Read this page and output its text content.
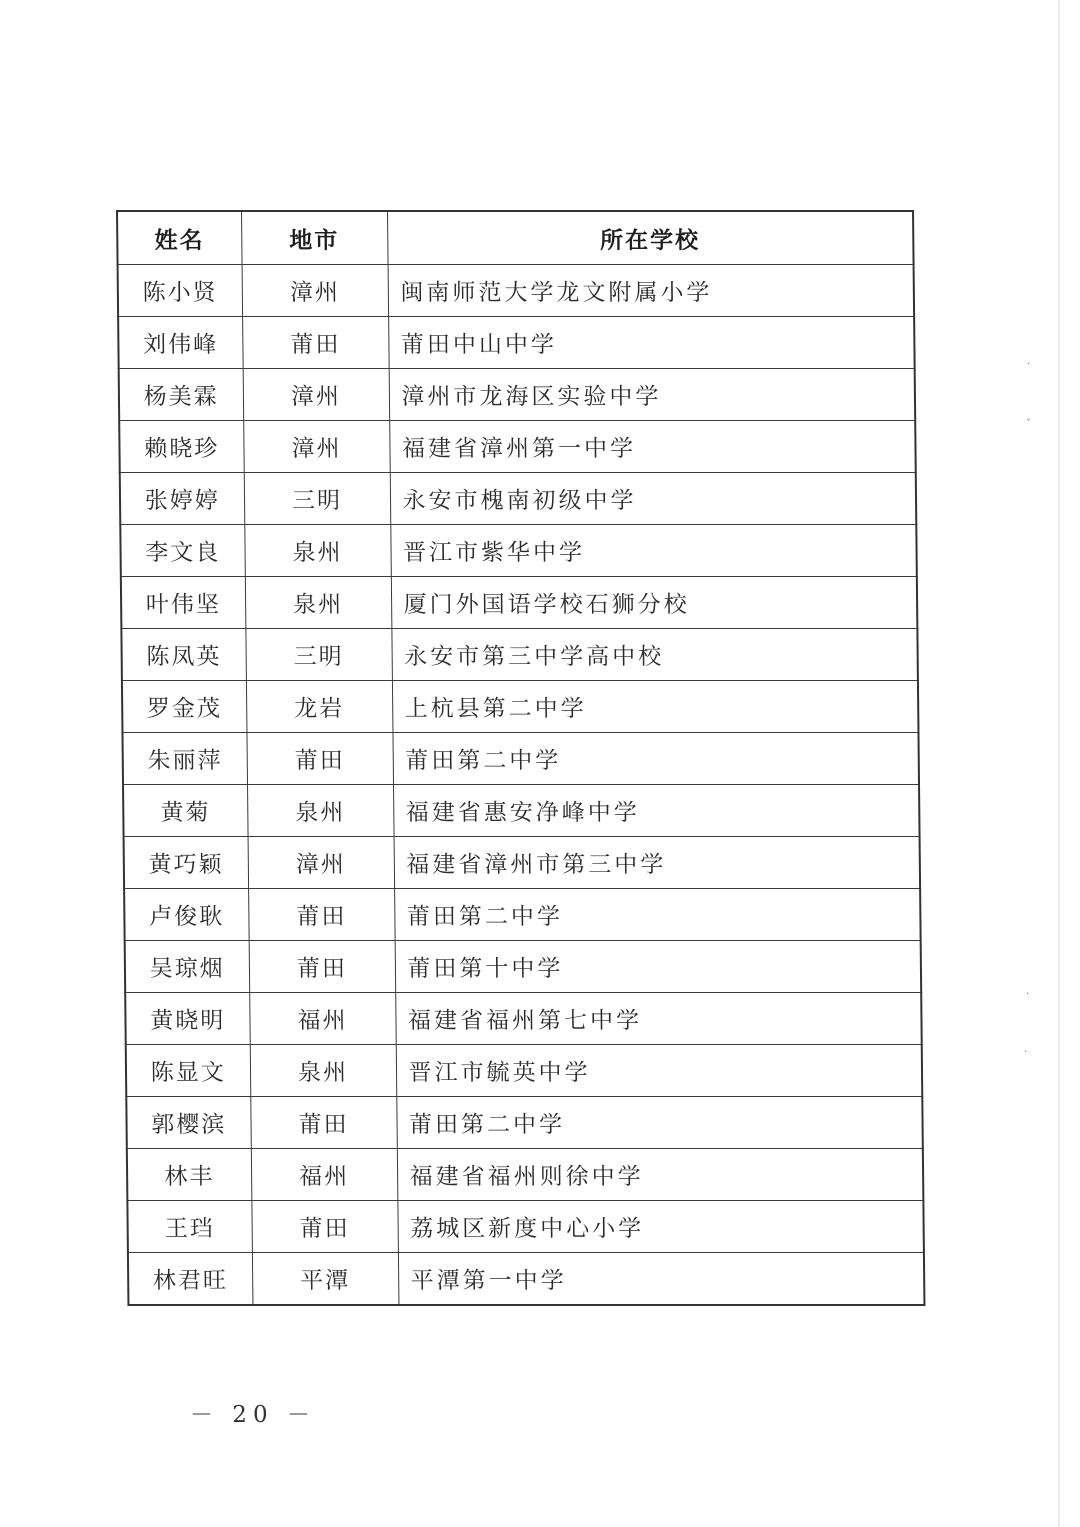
·
ˇ
·
·
姓名	地市	所在学校
陈小贤	漳州	闽南师范大学龙文附属小学
刘伟峰	莆田	莆田中山中学
杨美霖	漳州	漳州市龙海区实验中学
赖晓珍	漳州	福建省漳州第一中学
张婷婷	三明	永安市槐南初级中学
李文良	泉州	晋江市紫华中学
叶伟坚	泉州	厦门外国语学校石狮分校
陈凤英	三明	永安市第三中学高中校
罗金茂	龙岩	上杭县第二中学
朱丽萍	莆田	莆田第二中学
黄菊	泉州	福建省惠安净峰中学
黄巧颖	漳州	福建省漳州市第三中学
卢俊耿	莆田	莆田第二中学
吴琼烟	莆田	莆田第十中学
黄晓明	福州	福建省福州第七中学
陈显文	泉州	晋江市毓英中学
郭樱滨	莆田	莆田第二中学
林丰	福州	福建省福州则徐中学
王珰	莆田	荔城区新度中心小学
林君旺	平潭	平潭第一中学
－ 20 －
